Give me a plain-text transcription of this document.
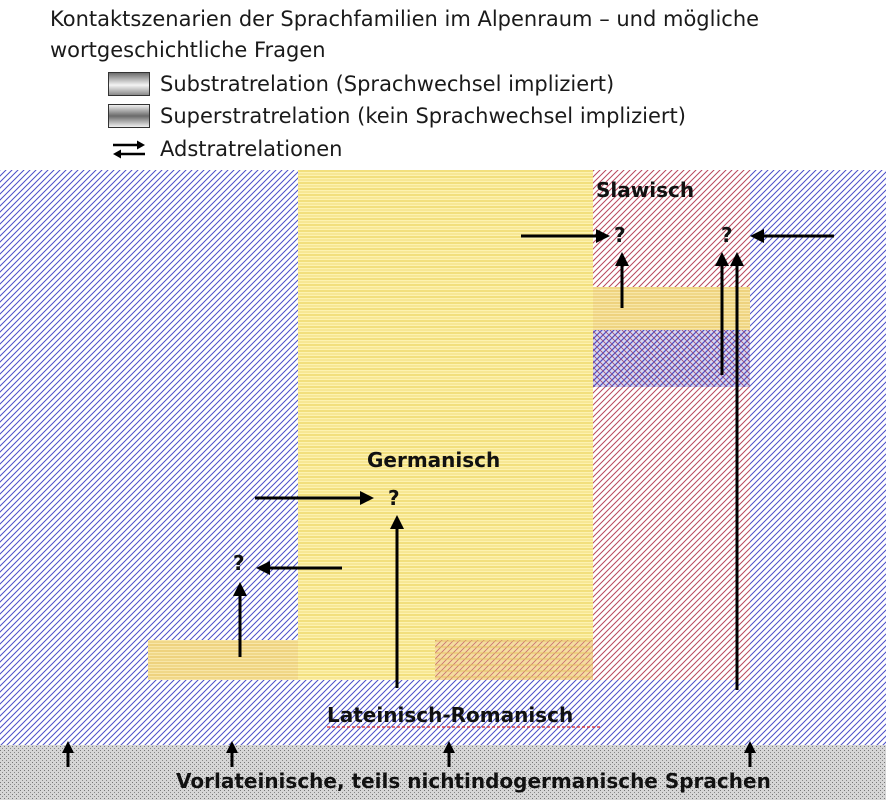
Kontaktszenarien der Sprachfamilien im Alpenraum – und mögliche wortgeschichtliche Fragen
Substratrelation (Sprachwechsel impliziert)
Superstratrelation (kein Sprachwechsel impliziert)
Adstratrelationen
?	?
?
?
Slawisch
Germanisch
Lateinisch-Romanisch
Vorlateinische, teils nichtindogermanische Sprachen
